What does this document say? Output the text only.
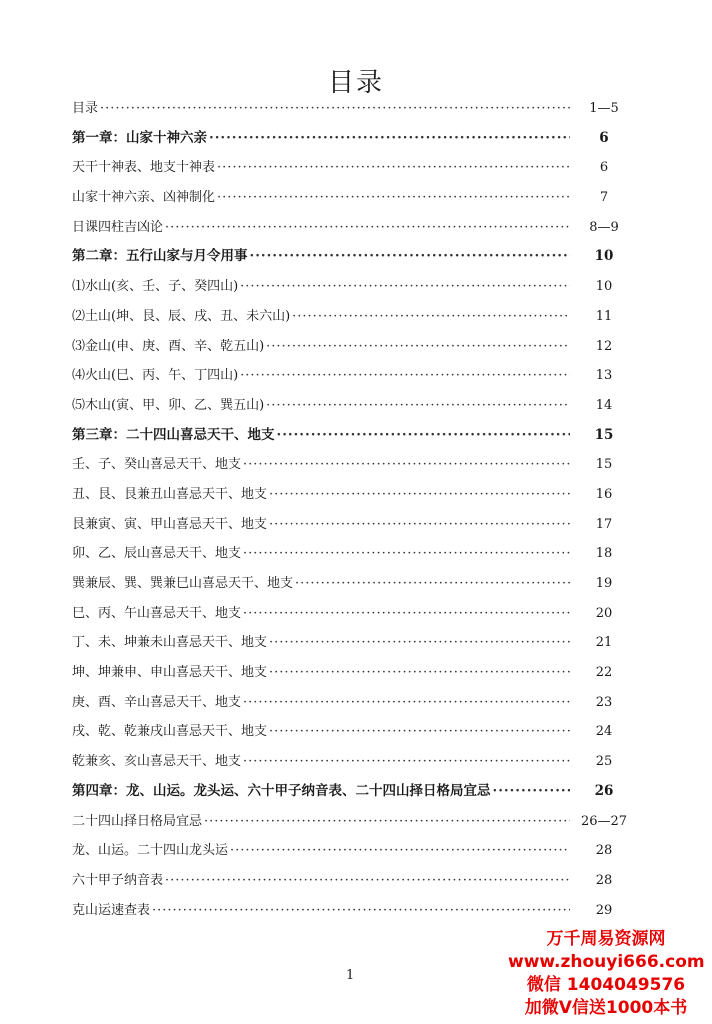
目录
目录 ·····	1—5
第一章：山家十神六亲 ·····	6
天干十神表、地支十神表 ·····	6
山家十神六亲、凶神制化 ·····	7
日课四柱吉凶论 ·····	8—9
第二章：五行山家与月令用事 ·····	10
⑴水山(亥、壬、子、癸四山) ·····	10
⑵土山(坤、艮、辰、戌、丑、未六山) ·····	11
⑶金山(申、庚、酉、辛、乾五山) ·····	12
⑷火山(巳、丙、午、丁四山) ·····	13
⑸木山(寅、甲、卯、乙、巽五山) ·····	14
第三章：二十四山喜忌天干、地支 ·····	15
壬、子、癸山喜忌天干、地支 ·····	15
丑、艮、艮兼丑山喜忌天干、地支 ·····	16
艮兼寅、寅、甲山喜忌天干、地支 ·····	17
卯、乙、辰山喜忌天干、地支 ·····	18
巽兼辰、巽、巽兼巳山喜忌天干、地支 ·····	19
巳、丙、午山喜忌天干、地支 ·····	20
丁、未、坤兼未山喜忌天干、地支 ·····	21
坤、坤兼申、申山喜忌天干、地支 ·····	22
庚、酉、辛山喜忌天干、地支 ·····	23
戌、乾、乾兼戌山喜忌天干、地支 ·····	24
乾兼亥、亥山喜忌天干、地支 ·····	25
第四章：龙、山运。龙头运、六十甲子纳音表、二十四山择日格局宜忌 ·····	26
二十四山择日格局宜忌 ·····	26—27
龙、山运。二十四山龙头运 ·····	28
六十甲子纳音表 ·····	28
克山运速查表 ·····	29
1
万千周易资源网
www.zhouyi666.com
微信 1404049576
加微V信送1000本书
